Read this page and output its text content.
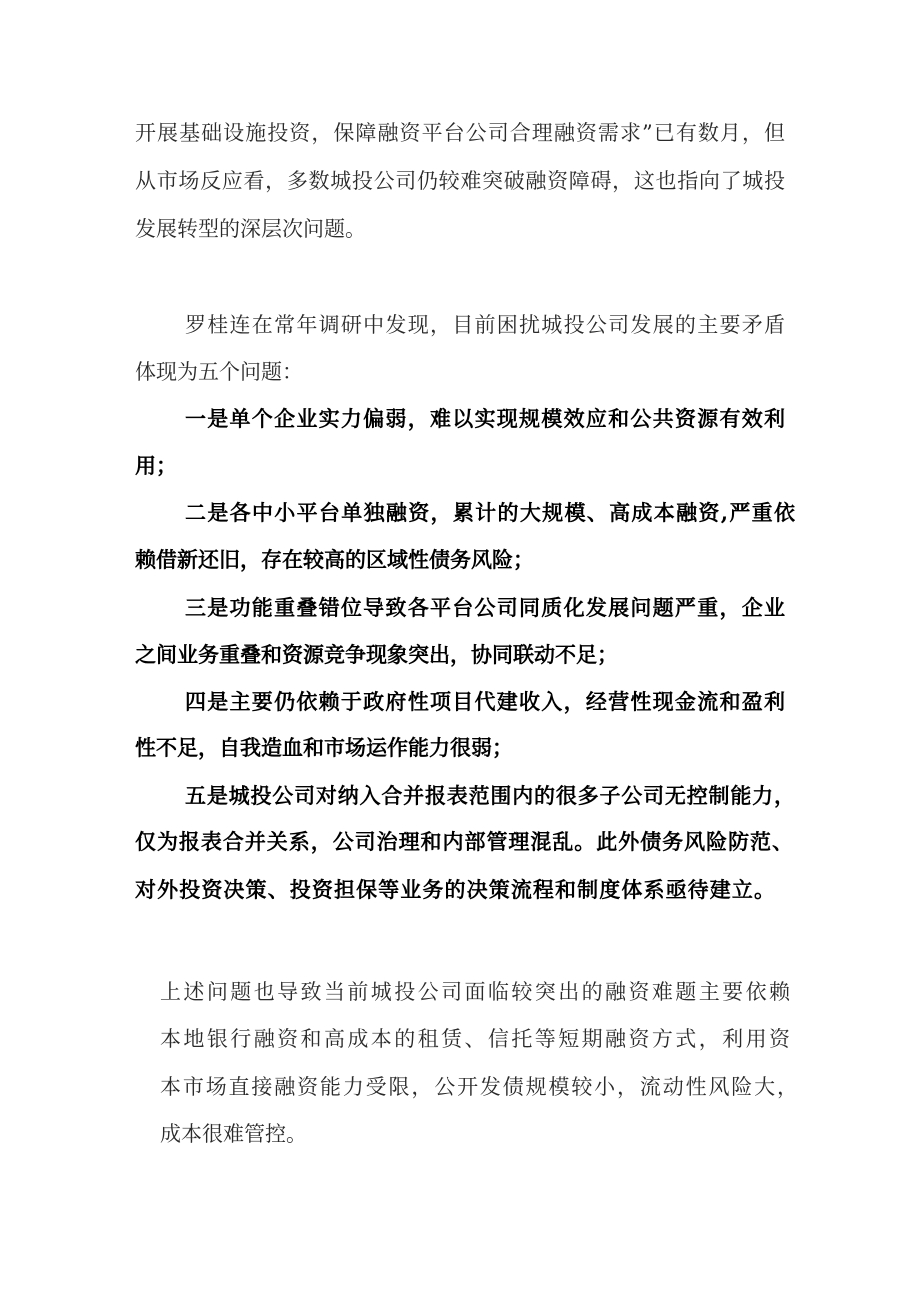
开展基础设施投资，保障融资平台公司合理融资需求”已有数月，但
从市场反应看，多数城投公司仍较难突破融资障碍，这也指向了城投
发展转型的深层次问题。
罗桂连在常年调研中发现，目前困扰城投公司发展的主要矛盾
体现为五个问题：
一是单个企业实力偏弱，难以实现规模效应和公共资源有效利
用；
二是各中小平台单独融资，累计的大规模、高成本融资,严重依
赖借新还旧，存在较高的区域性债务风险；
三是功能重叠错位导致各平台公司同质化发展问题严重，企业
之间业务重叠和资源竞争现象突出，协同联动不足；
四是主要仍依赖于政府性项目代建收入，经营性现金流和盈利
性不足，自我造血和市场运作能力很弱；
五是城投公司对纳入合并报表范围内的很多子公司无控制能力，
仅为报表合并关系，公司治理和内部管理混乱。此外债务风险防范、
对外投资决策、投资担保等业务的决策流程和制度体系亟待建立。
上述问题也导致当前城投公司面临较突出的融资难题主要依赖
本地银行融资和高成本的租赁、信托等短期融资方式，利用资
本市场直接融资能力受限，公开发债规模较小，流动性风险大，
成本很难管控。
